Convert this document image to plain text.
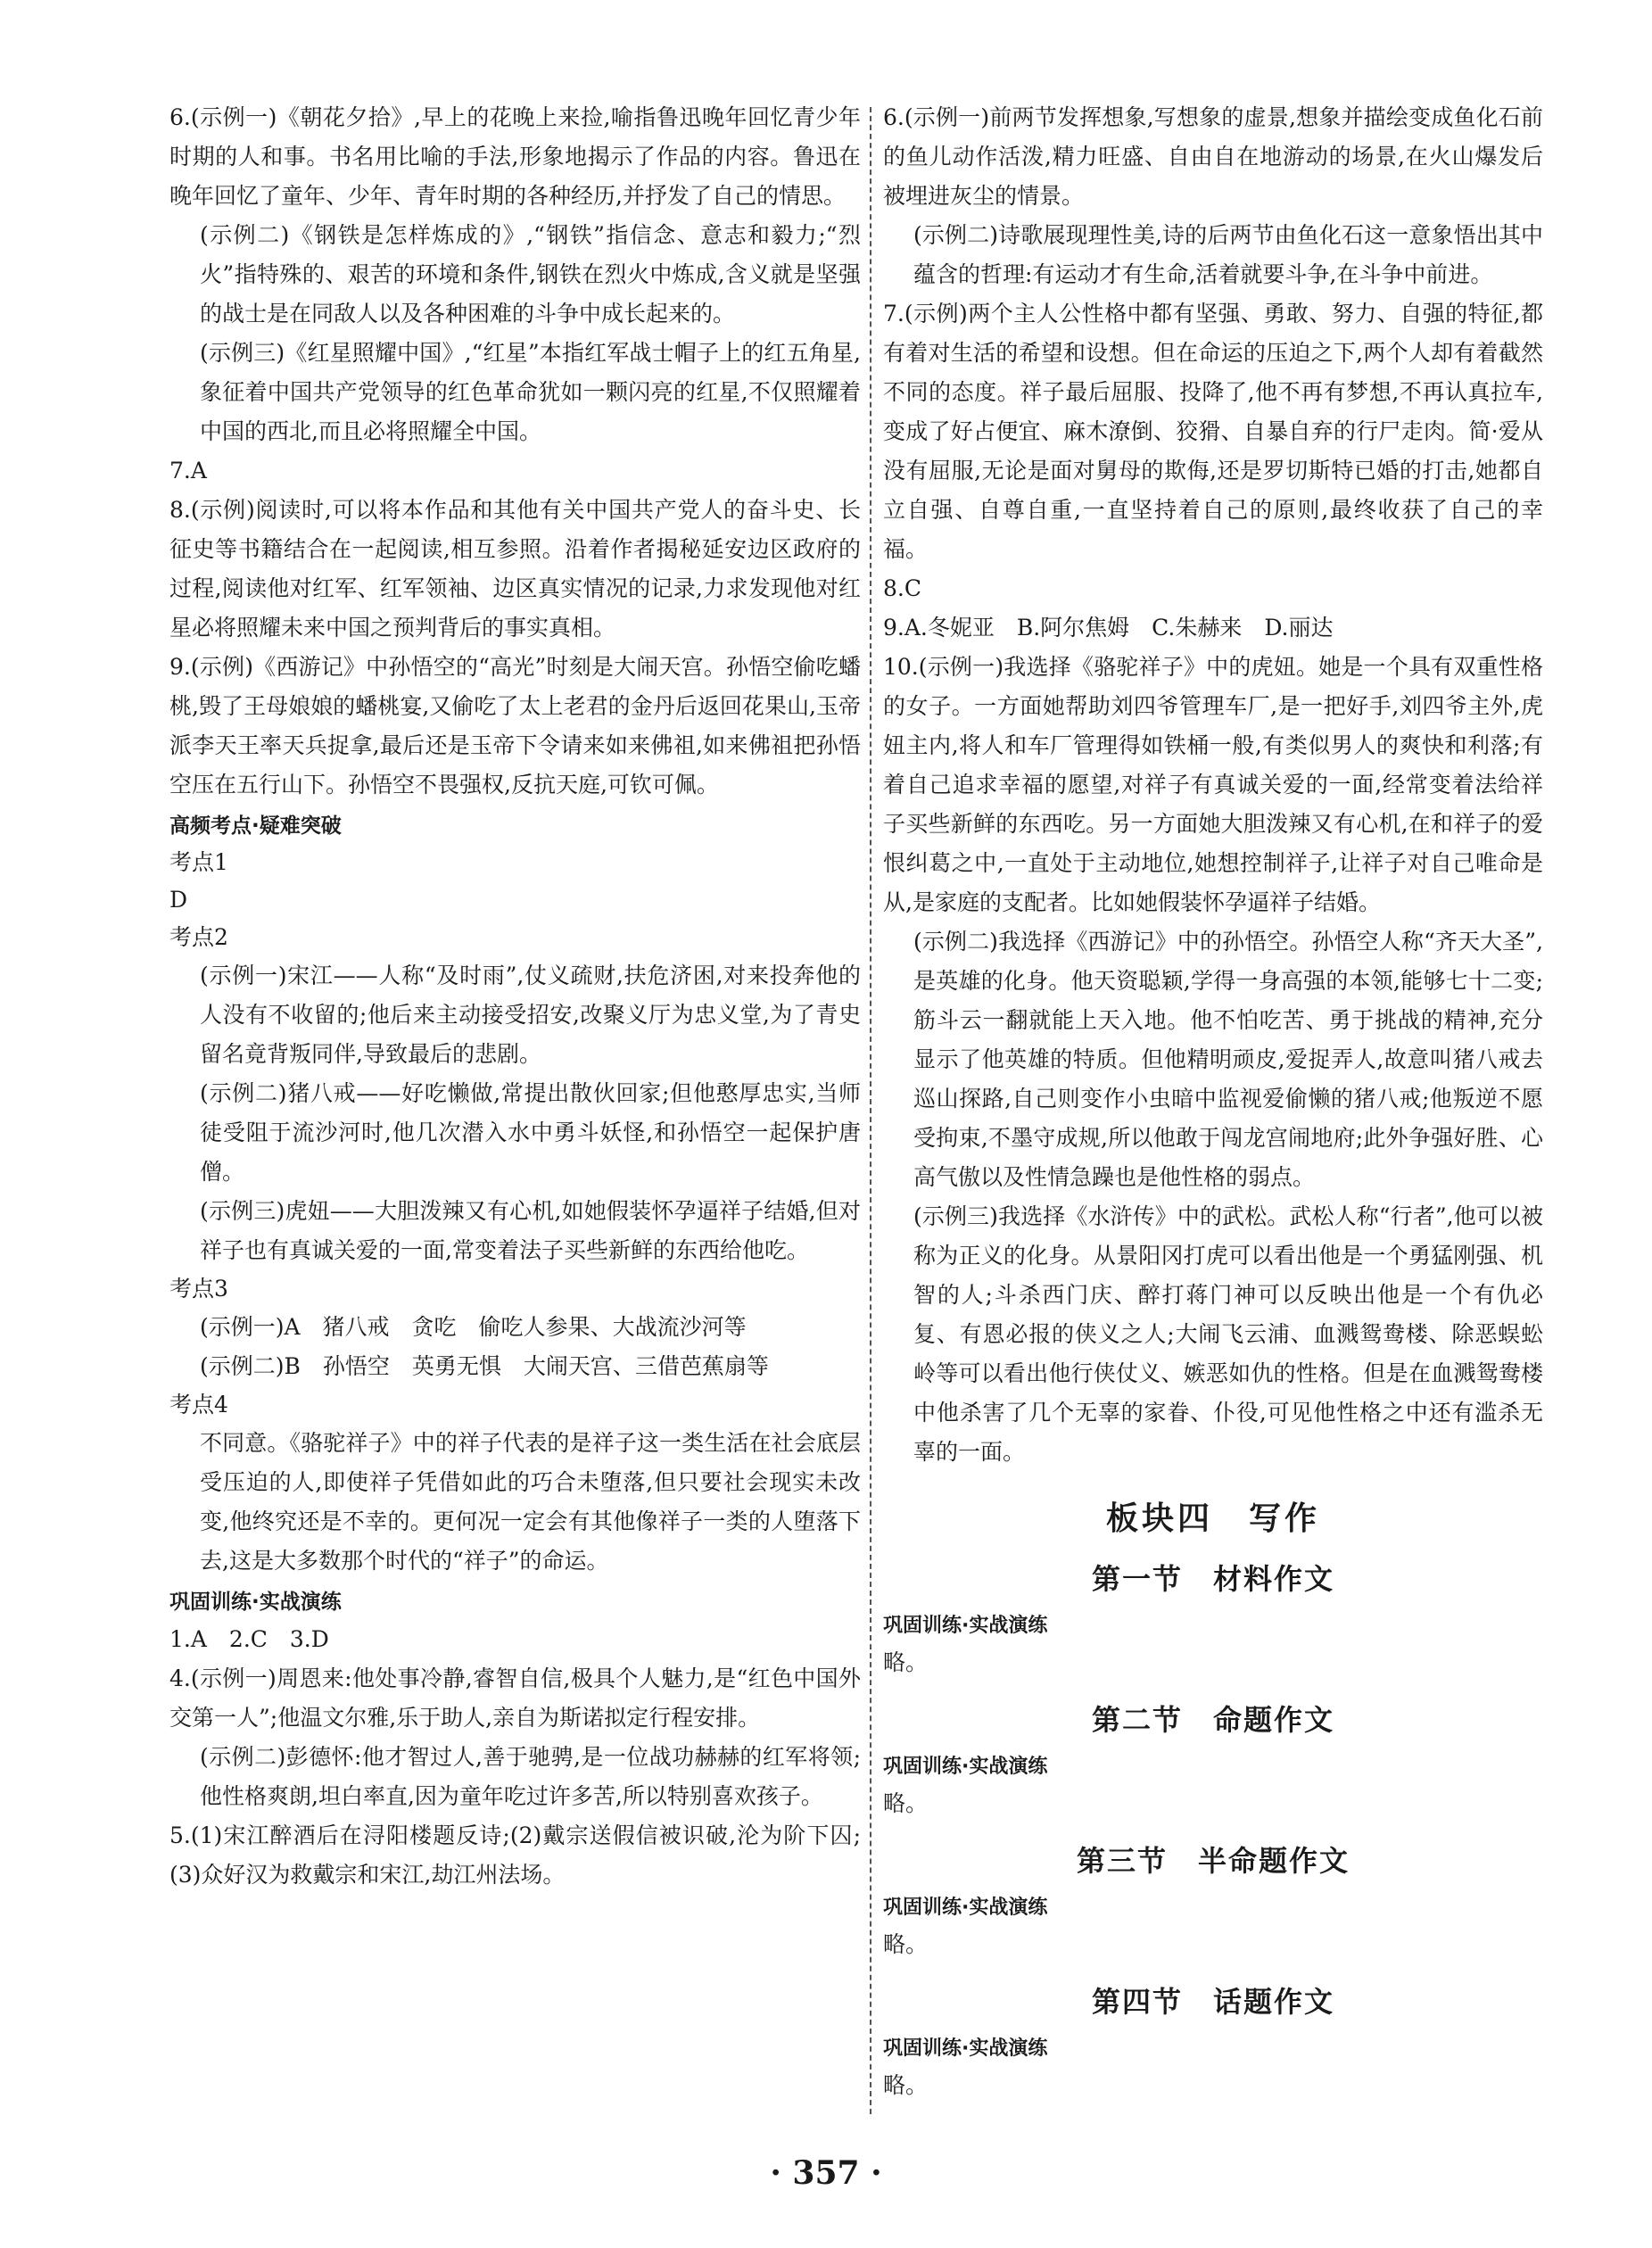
6.(示例一)《朝花夕拾》,早上的花晚上来捡,喻指鲁迅晚年回忆青少年时期的人和事。书名用比喻的手法,形象地揭示了作品的内容。鲁迅在晚年回忆了童年、少年、青年时期的各种经历,并抒发了自己的情思。

(示例二)《钢铁是怎样炼成的》,“钢铁”指信念、意志和毅力;“烈火”指特殊的、艰苦的环境和条件,钢铁在烈火中炼成,含义就是坚强的战士是在同敌人以及各种困难的斗争中成长起来的。

(示例三)《红星照耀中国》,“红星”本指红军战士帽子上的红五角星,象征着中国共产党领导的红色革命犹如一颗闪亮的红星,不仅照耀着中国的西北,而且必将照耀全中国。

7.A

8.(示例)阅读时,可以将本作品和其他有关中国共产党人的奋斗史、长征史等书籍结合在一起阅读,相互参照。沿着作者揭秘延安边区政府的过程,阅读他对红军、红军领袖、边区真实情况的记录,力求发现他对红星必将照耀未来中国之预判背后的事实真相。

9.(示例)《西游记》中孙悟空的“高光”时刻是大闹天宫。孙悟空偷吃蟠桃,毁了王母娘娘的蟠桃宴,又偷吃了太上老君的金丹后返回花果山,玉帝派李天王率天兵捉拿,最后还是玉帝下令请来如来佛祖,如来佛祖把孙悟空压在五行山下。孙悟空不畏强权,反抗天庭,可钦可佩。

高频考点·疑难突破

考点1

D

考点2

(示例一)宋江——人称“及时雨”,仗义疏财,扶危济困,对来投奔他的人没有不收留的;他后来主动接受招安,改聚义厅为忠义堂,为了青史留名竟背叛同伴,导致最后的悲剧。

(示例二)猪八戒——好吃懒做,常提出散伙回家;但他憨厚忠实,当师徒受阻于流沙河时,他几次潜入水中勇斗妖怪,和孙悟空一起保护唐僧。

(示例三)虎妞——大胆泼辣又有心机,如她假装怀孕逼祥子结婚,但对祥子也有真诚关爱的一面,常变着法子买些新鲜的东西给他吃。

考点3

(示例一)A　猪八戒　贪吃　偷吃人参果、大战流沙河等

(示例二)B　孙悟空　英勇无惧　大闹天宫、三借芭蕉扇等

考点4

不同意。《骆驼祥子》中的祥子代表的是祥子这一类生活在社会底层受压迫的人,即使祥子凭借如此的巧合未堕落,但只要社会现实未改变,他终究还是不幸的。更何况一定会有其他像祥子一类的人堕落下去,这是大多数那个时代的“祥子”的命运。

巩固训练·实战演练

1.A　2.C　3.D

4.(示例一)周恩来:他处事冷静,睿智自信,极具个人魅力,是“红色中国外交第一人”;他温文尔雅,乐于助人,亲自为斯诺拟定行程安排。

(示例二)彭德怀:他才智过人,善于驰骋,是一位战功赫赫的红军将领;他性格爽朗,坦白率直,因为童年吃过许多苦,所以特别喜欢孩子。

5.(1)宋江醉酒后在浔阳楼题反诗;(2)戴宗送假信被识破,沦为阶下囚;(3)众好汉为救戴宗和宋江,劫江州法场。

6.(示例一)前两节发挥想象,写想象的虚景,想象并描绘变成鱼化石前的鱼儿动作活泼,精力旺盛、自由自在地游动的场景,在火山爆发后被埋进灰尘的情景。

(示例二)诗歌展现理性美,诗的后两节由鱼化石这一意象悟出其中蕴含的哲理:有运动才有生命,活着就要斗争,在斗争中前进。

7.(示例)两个主人公性格中都有坚强、勇敢、努力、自强的特征,都有着对生活的希望和设想。但在命运的压迫之下,两个人却有着截然不同的态度。祥子最后屈服、投降了,他不再有梦想,不再认真拉车,变成了好占便宜、麻木潦倒、狡猾、自暴自弃的行尸走肉。简·爱从没有屈服,无论是面对舅母的欺侮,还是罗切斯特已婚的打击,她都自立自强、自尊自重,一直坚持着自己的原则,最终收获了自己的幸福。

8.C

9.A.冬妮亚　B.阿尔焦姆　C.朱赫来　D.丽达

10.(示例一)我选择《骆驼祥子》中的虎妞。她是一个具有双重性格的女子。一方面她帮助刘四爷管理车厂,是一把好手,刘四爷主外,虎妞主内,将人和车厂管理得如铁桶一般,有类似男人的爽快和利落;有着自己追求幸福的愿望,对祥子有真诚关爱的一面,经常变着法给祥子买些新鲜的东西吃。另一方面她大胆泼辣又有心机,在和祥子的爱恨纠葛之中,一直处于主动地位,她想控制祥子,让祥子对自己唯命是从,是家庭的支配者。比如她假装怀孕逼祥子结婚。

(示例二)我选择《西游记》中的孙悟空。孙悟空人称“齐天大圣”,是英雄的化身。他天资聪颖,学得一身高强的本领,能够七十二变;筋斗云一翻就能上天入地。他不怕吃苦、勇于挑战的精神,充分显示了他英雄的特质。但他精明顽皮,爱捉弄人,故意叫猪八戒去巡山探路,自己则变作小虫暗中监视爱偷懒的猪八戒;他叛逆不愿受拘束,不墨守成规,所以他敢于闯龙宫闹地府;此外争强好胜、心高气傲以及性情急躁也是他性格的弱点。

(示例三)我选择《水浒传》中的武松。武松人称“行者”,他可以被称为正义的化身。从景阳冈打虎可以看出他是一个勇猛刚强、机智的人;斗杀西门庆、醉打蒋门神可以反映出他是一个有仇必复、有恩必报的侠义之人;大闹飞云浦、血溅鸳鸯楼、除恶蜈蚣岭等可以看出他行侠仗义、嫉恶如仇的性格。但是在血溅鸳鸯楼中他杀害了几个无辜的家眷、仆役,可见他性格之中还有滥杀无辜的一面。

板块四　写作
第一节　材料作文

巩固训练·实战演练

略。

第二节　命题作文

巩固训练·实战演练

略。

第三节　半命题作文

巩固训练·实战演练

略。

第四节　话题作文

巩固训练·实战演练

略。

· 357 ·
